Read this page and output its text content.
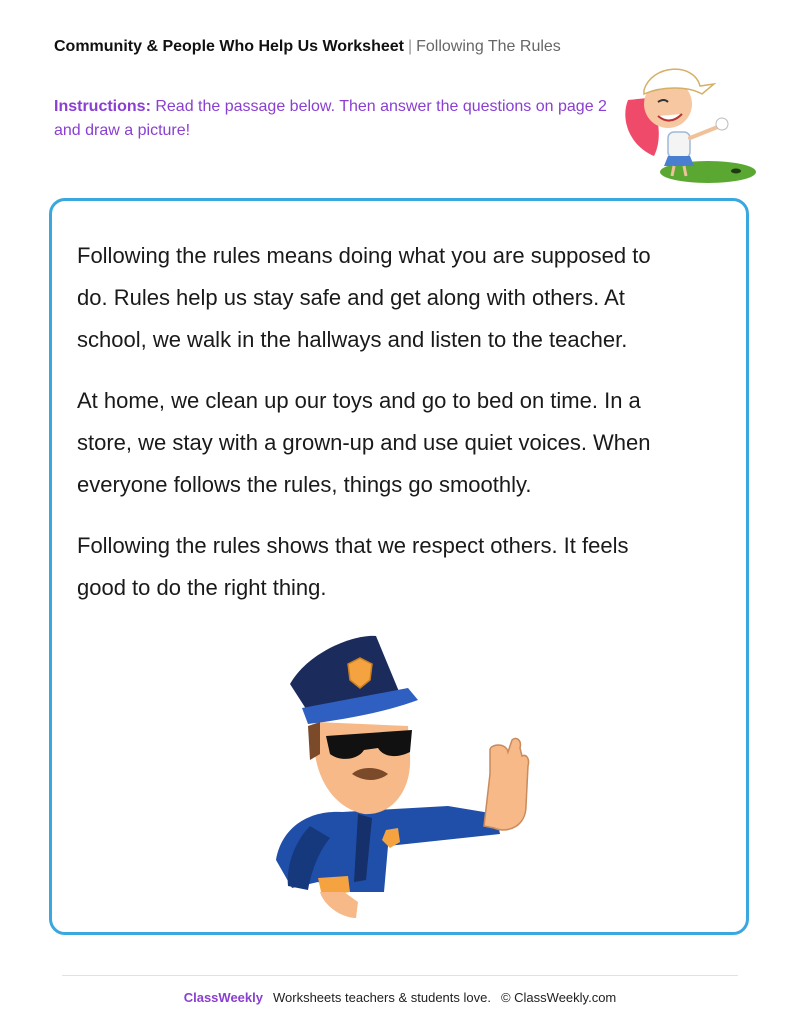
Community & People Who Help Us Worksheet | Following The Rules
Instructions: Read the passage below. Then answer the questions on page 2 and draw a picture!

Following the rules means doing what you are supposed to do. Rules help us stay safe and get along with others. At school, we walk in the hallways and listen to the teacher.

At home, we clean up our toys and go to bed on time. In a store, we stay with a grown-up and use quiet voices. When everyone follows the rules, things go smoothly.

Following the rules shows that we respect others. It feels good to do the right thing.

ClassWeekly Worksheets teachers & students love. © ClassWeekly.com
